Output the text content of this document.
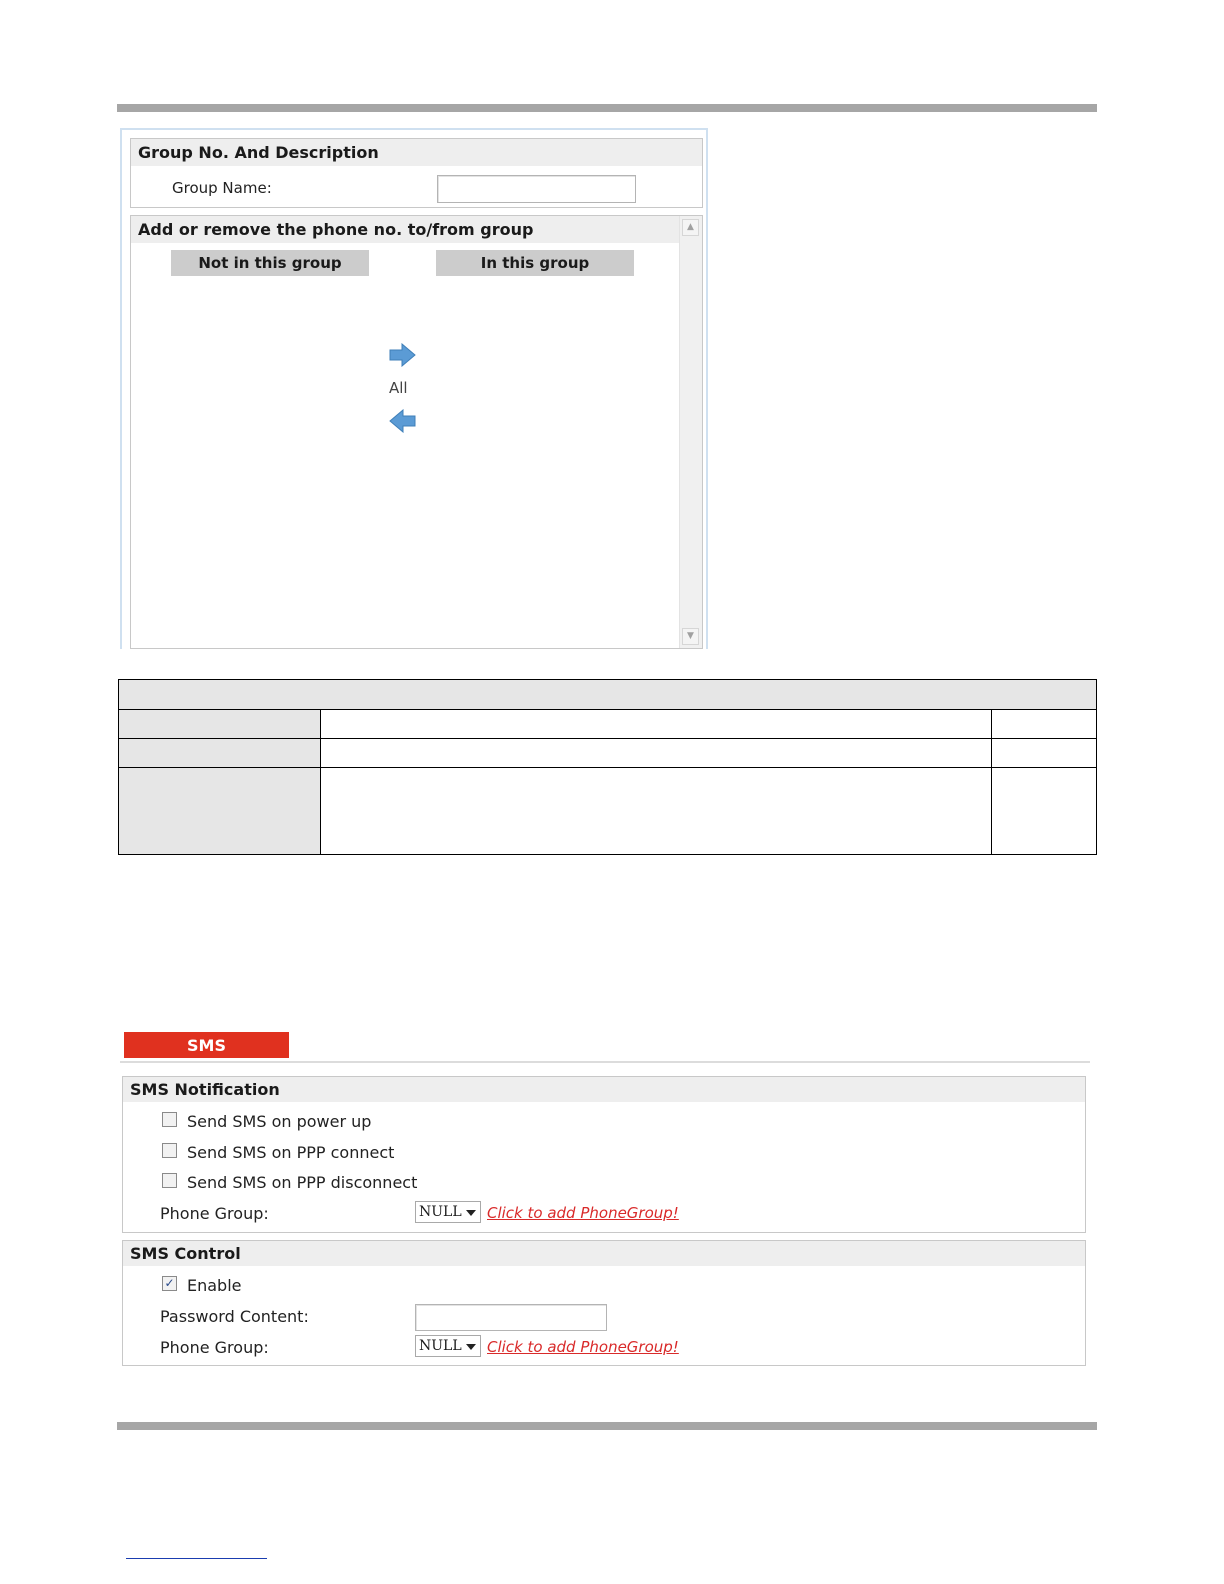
Group No. And Description
Group Name:
Add or remove the phone no. to/from group
Not in this group	In this group
All
▲
▼

SMS
SMS Notification
Send SMS on power up
Send SMS on PPP connect
Send SMS on PPP disconnect
Phone Group:	NULL	Click to add PhoneGroup!
SMS Control
✓ Enable
Password Content:
Phone Group:	NULL	Click to add PhoneGroup!
